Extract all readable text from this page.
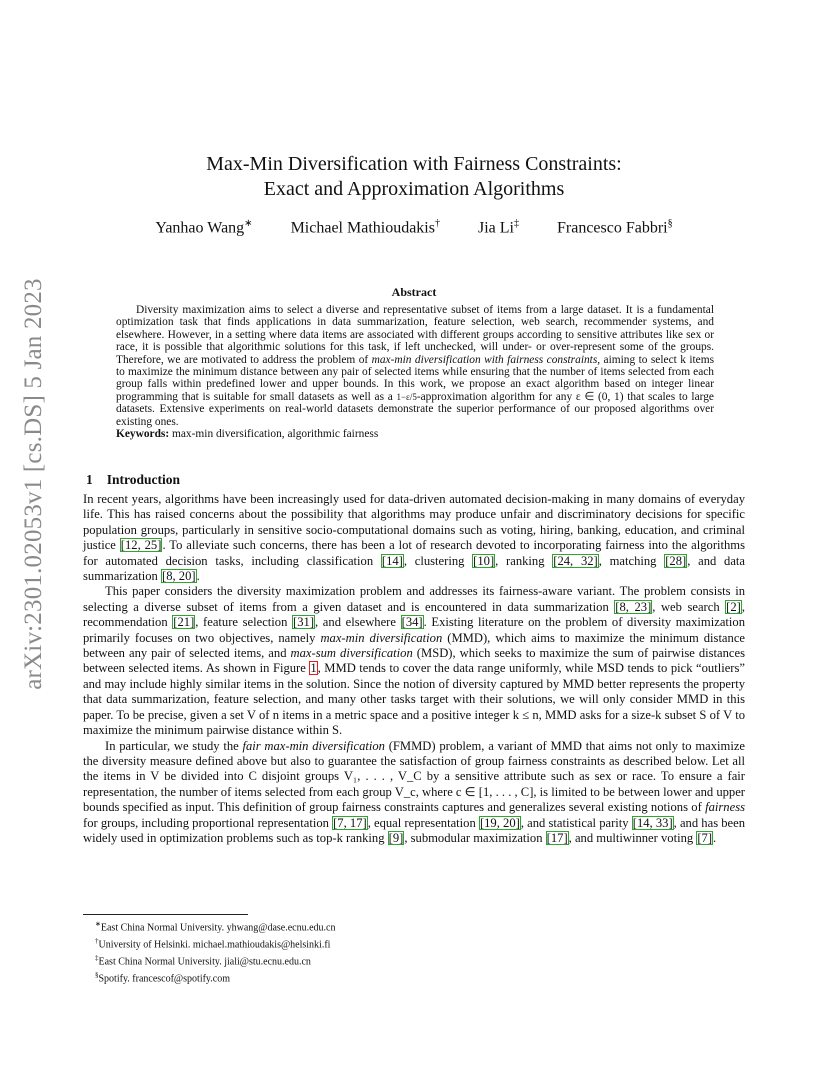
arXiv:2301.02053v1 [cs.DS] 5 Jan 2023
Max-Min Diversification with Fairness Constraints:
Exact and Approximation Algorithms
Yanhao Wang∗ Michael Mathioudakis† Jia Li‡ Francesco Fabbri§
Abstract

Diversity maximization aims to select a diverse and representative subset of items from a large dataset. It is a fundamental optimization task that finds applications in data summarization, feature selection, web search, recommender systems, and elsewhere. However, in a setting where data items are associated with different groups according to sensitive attributes like sex or race, it is possible that algorithmic solutions for this task, if left unchecked, will under- or over-represent some of the groups. Therefore, we are motivated to address the problem of max-min diversification with fairness constraints, aiming to select k items to maximize the minimum distance between any pair of selected items while ensuring that the number of items selected from each group falls within predefined lower and upper bounds. In this work, we propose an exact algorithm based on integer linear programming that is suitable for small datasets as well as a 1−ε/5-approximation algorithm for any ε ∈ (0, 1) that scales to large datasets. Extensive experiments on real-world datasets demonstrate the superior performance of our proposed algorithms over existing ones.

Keywords: max-min diversification, algorithmic fairness

1 Introduction

In recent years, algorithms have been increasingly used for data-driven automated decision-making in many domains of everyday life. This has raised concerns about the possibility that algorithms may produce unfair and discriminatory decisions for specific population groups, particularly in sensitive socio-computational domains such as voting, hiring, banking, education, and criminal justice [12, 25]. To alleviate such concerns, there has been a lot of research devoted to incorporating fairness into the algorithms for automated decision tasks, including classification [14], clustering [10], ranking [24, 32], matching [28], and data summarization [8, 20].

This paper considers the diversity maximization problem and addresses its fairness-aware variant. The problem consists in selecting a diverse subset of items from a given dataset and is encountered in data summarization [8, 23], web search [2], recommendation [21], feature selection [31], and elsewhere [34]. Existing literature on the problem of diversity maximization primarily focuses on two objectives, namely max-min diversification (MMD), which aims to maximize the minimum distance between any pair of selected items, and max-sum diversification (MSD), which seeks to maximize the sum of pairwise distances between selected items. As shown in Figure 1, MMD tends to cover the data range uniformly, while MSD tends to pick “outliers” and may include highly similar items in the solution. Since the notion of diversity captured by MMD better represents the property that data summarization, feature selection, and many other tasks target with their solutions, we will only consider MMD in this paper. To be precise, given a set V of n items in a metric space and a positive integer k ≤ n, MMD asks for a size-k subset S of V to maximize the minimum pairwise distance within S.

In particular, we study the fair max-min diversification (FMMD) problem, a variant of MMD that aims not only to maximize the diversity measure defined above but also to guarantee the satisfaction of group fairness constraints as described below. Let all the items in V be divided into C disjoint groups V₁, . . . , V_C by a sensitive attribute such as sex or race. To ensure a fair representation, the number of items selected from each group V_c, where c ∈ [1, . . . , C], is limited to be between lower and upper bounds specified as input. This definition of group fairness constraints captures and generalizes several existing notions of fairness for groups, including proportional representation [7, 17], equal representation [19, 20], and statistical parity [14, 33], and has been widely used in optimization problems such as top-k ranking [9], submodular maximization [17], and multiwinner voting [7].

∗East China Normal University. yhwang@dase.ecnu.edu.cn
†University of Helsinki. michael.mathioudakis@helsinki.fi
‡East China Normal University. jiali@stu.ecnu.edu.cn
§Spotify. francescof@spotify.com
